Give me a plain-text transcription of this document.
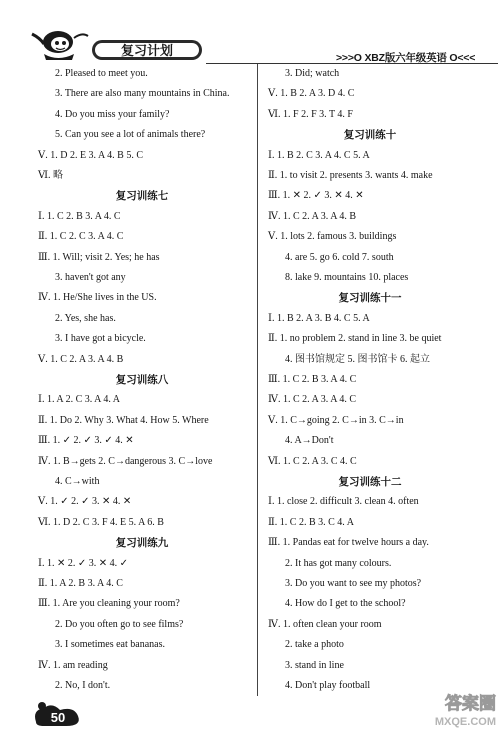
复习计划	>>>O XBZ版六年级英语 O<<<
2. Pleased to meet you.
3. There are also many mountains in China.
4. Do you miss your family?
5. Can you see a lot of animals there?
Ⅴ. 1. D 2. E 3. A 4. B 5. C
Ⅵ. 略
复习训练七
Ⅰ. 1. C 2. B 3. A 4. C
Ⅱ. 1. C 2. C 3. A 4. C
Ⅲ. 1. Will; visit 2. Yes; he has
3. haven't got any
Ⅳ. 1. He/She lives in the US.
2. Yes, she has.
3. I have got a bicycle.
Ⅴ. 1. C 2. A 3. A 4. B
复习训练八
Ⅰ. 1. A 2. C 3. A 4. A
Ⅱ. 1. Do 2. Why 3. What 4. How 5. Where
Ⅲ. 1. ✓ 2. ✓ 3. ✓ 4. ✕
Ⅳ. 1. B→gets 2. C→dangerous 3. C→love
4. C→with
Ⅴ. 1. ✓ 2. ✓ 3. ✕ 4. ✕
Ⅵ. 1. D 2. C 3. F 4. E 5. A 6. B
复习训练九
Ⅰ. 1. ✕ 2. ✓ 3. ✕ 4. ✓
Ⅱ. 1. A 2. B 3. A 4. C
Ⅲ. 1. Are you cleaning your room?
2. Do you often go to see films?
3. I sometimes eat bananas.
Ⅳ. 1. am reading
2. No, I don't.
3. Did; watch
Ⅴ. 1. B 2. A 3. D 4. C
Ⅵ. 1. F 2. F 3. T 4. F
复习训练十
Ⅰ. 1. B 2. C 3. A 4. C 5. A
Ⅱ. 1. to visit 2. presents 3. wants 4. make
Ⅲ. 1. ✕ 2. ✓ 3. ✕ 4. ✕
Ⅳ. 1. C 2. A 3. A 4. B
Ⅴ. 1. lots 2. famous 3. buildings
4. are 5. go 6. cold 7. south
8. lake 9. mountains 10. places
复习训练十一
Ⅰ. 1. B 2. A 3. B 4. C 5. A
Ⅱ. 1. no problem 2. stand in line 3. be quiet
4. 图书馆规定 5. 图书馆卡 6. 起立
Ⅲ. 1. C 2. B 3. A 4. C
Ⅳ. 1. C 2. A 3. A 4. C
Ⅴ. 1. C→going 2. C→in 3. C→in
4. A→Don't
Ⅵ. 1. C 2. A 3. C 4. C
复习训练十二
Ⅰ. 1. close 2. difficult 3. clean 4. often
Ⅱ. 1. C 2. B 3. C 4. A
Ⅲ. 1. Pandas eat for twelve hours a day.
2. It has got many colours.
3. Do you want to see my photos?
4. How do I get to the school?
Ⅳ. 1. often clean your room
2. take a photo
3. stand in line
4. Don't play football
50
答案圈
MXQE.COM
